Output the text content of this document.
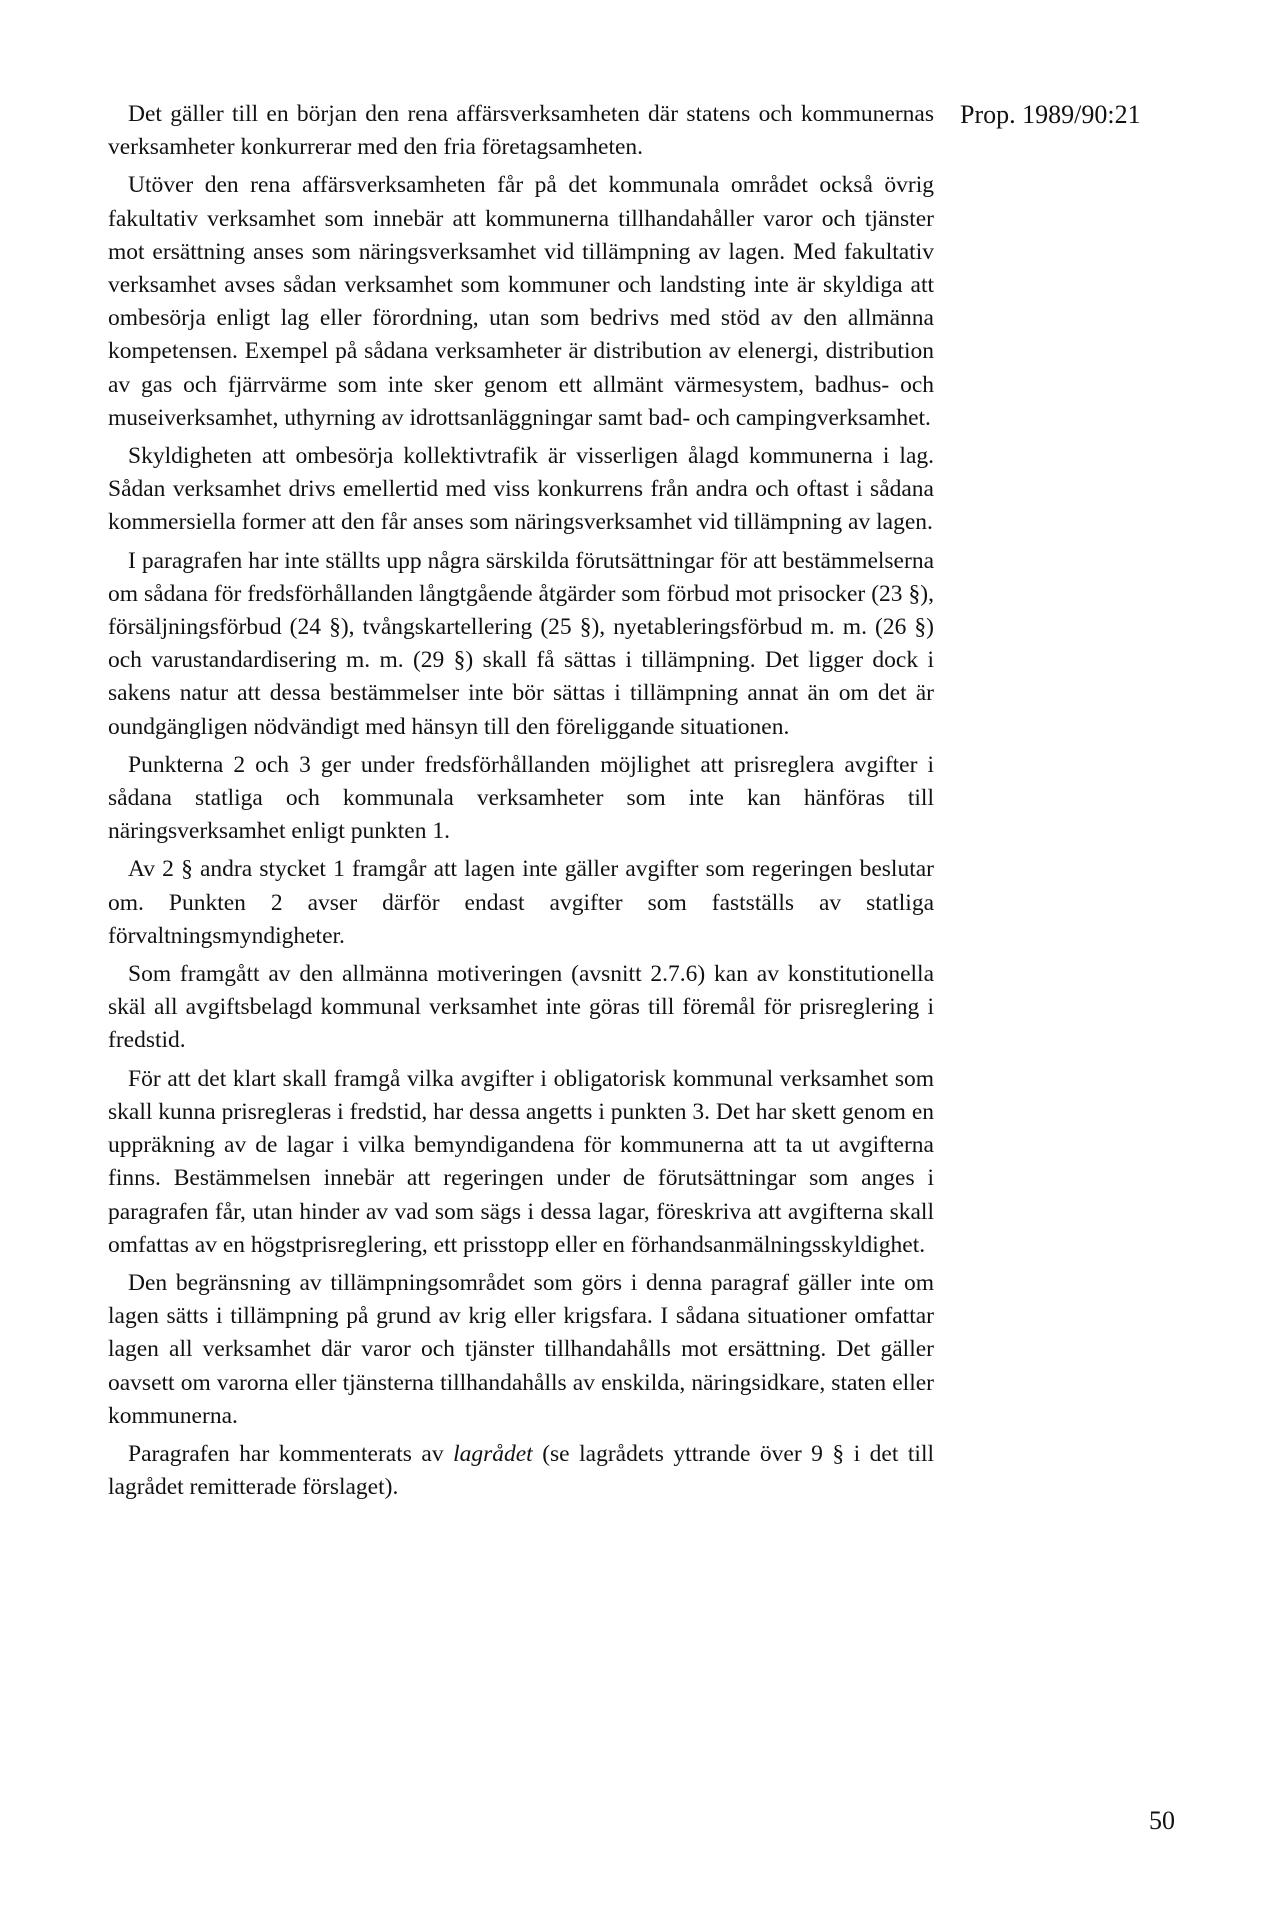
Prop. 1989/90:21

Det gäller till en början den rena affärsverksamheten där statens och kommunernas verksamheter konkurrerar med den fria företagsamheten.

Utöver den rena affärsverksamheten får på det kommunala området också övrig fakultativ verksamhet som innebär att kommunerna tillhandahåller varor och tjänster mot ersättning anses som näringsverksamhet vid tillämpning av lagen. Med fakultativ verksamhet avses sådan verksamhet som kommuner och landsting inte är skyldiga att ombesörja enligt lag eller förordning, utan som bedrivs med stöd av den allmänna kompetensen. Exempel på sådana verksamheter är distribution av elenergi, distribution av gas och fjärrvärme som inte sker genom ett allmänt värmesystem, badhus- och museiverksamhet, uthyrning av idrottsanläggningar samt bad- och campingverksamhet.

Skyldigheten att ombesörja kollektivtrafik är visserligen ålagd kommunerna i lag. Sådan verksamhet drivs emellertid med viss konkurrens från andra och oftast i sådana kommersiella former att den får anses som näringsverksamhet vid tillämpning av lagen.

I paragrafen har inte ställts upp några särskilda förutsättningar för att bestämmelserna om sådana för fredsförhållanden långtgående åtgärder som förbud mot prisocker (23 §), försäljningsförbud (24 §), tvångskartellering (25 §), nyetableringsförbud m. m. (26 §) och varustandardisering m. m. (29 §) skall få sättas i tillämpning. Det ligger dock i sakens natur att dessa bestämmelser inte bör sättas i tillämpning annat än om det är oundgängligen nödvändigt med hänsyn till den föreliggande situationen.

Punkterna 2 och 3 ger under fredsförhållanden möjlighet att prisreglera avgifter i sådana statliga och kommunala verksamheter som inte kan hänföras till näringsverksamhet enligt punkten 1.

Av 2 § andra stycket 1 framgår att lagen inte gäller avgifter som regeringen beslutar om. Punkten 2 avser därför endast avgifter som fastställs av statliga förvaltningsmyndigheter.

Som framgått av den allmänna motiveringen (avsnitt 2.7.6) kan av konstitutionella skäl all avgiftsbelagd kommunal verksamhet inte göras till föremål för prisreglering i fredstid.

För att det klart skall framgå vilka avgifter i obligatorisk kommunal verksamhet som skall kunna prisregleras i fredstid, har dessa angetts i punkten 3. Det har skett genom en uppräkning av de lagar i vilka bemyndigandena för kommunerna att ta ut avgifterna finns. Bestämmelsen innebär att regeringen under de förutsättningar som anges i paragrafen får, utan hinder av vad som sägs i dessa lagar, föreskriva att avgifterna skall omfattas av en högstprisreglering, ett prisstopp eller en förhandsanmälningsskyldighet.

Den begränsning av tillämpningsområdet som görs i denna paragraf gäller inte om lagen sätts i tillämpning på grund av krig eller krigsfara. I sådana situationer omfattar lagen all verksamhet där varor och tjänster tillhandahålls mot ersättning. Det gäller oavsett om varorna eller tjänsterna tillhandahålls av enskilda, näringsidkare, staten eller kommunerna.

Paragrafen har kommenterats av lagrådet (se lagrådets yttrande över 9 § i det till lagrådet remitterade förslaget).

50
